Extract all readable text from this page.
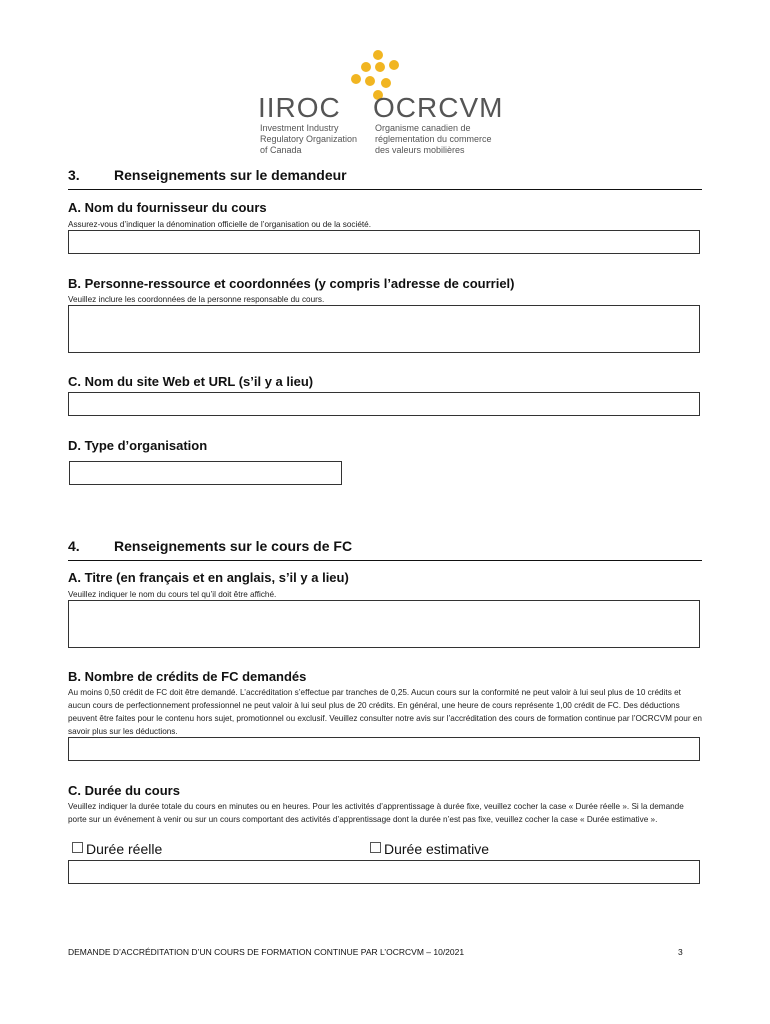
IIROC OCRCVM
Investment Industry
Regulatory Organization
of Canada
Organisme canadien de
réglementation du commerce
des valeurs mobilières
3. Renseignements sur le demandeur
A. Nom du fournisseur du cours
Assurez-vous d’indiquer la dénomination officielle de l’organisation ou de la société.
B. Personne-ressource et coordonnées (y compris l’adresse de courriel)
Veuillez inclure les coordonnées de la personne responsable du cours.
C. Nom du site Web et URL (s’il y a lieu)
D. Type d’organisation
4. Renseignements sur le cours de FC
A. Titre (en français et en anglais, s’il y a lieu)
Veuillez indiquer le nom du cours tel qu’il doit être affiché.
B. Nombre de crédits de FC demandés
Au moins 0,50 crédit de FC doit être demandé. L’accréditation s’effectue par tranches de 0,25. Aucun cours sur la conformité ne peut valoir à lui seul plus de 10 crédits et aucun cours de perfectionnement professionnel ne peut valoir à lui seul plus de 20 crédits. En général, une heure de cours représente 1,00 crédit de FC. Des déductions peuvent être faites pour le contenu hors sujet, promotionnel ou exclusif. Veuillez consulter notre avis sur l’accréditation des cours de formation continue par l’OCRCVM pour en savoir plus sur les déductions.
C. Durée du cours
Veuillez indiquer la durée totale du cours en minutes ou en heures. Pour les activités d’apprentissage à durée fixe, veuillez cocher la case « Durée réelle ». Si la demande porte sur un événement à venir ou sur un cours comportant des activités d’apprentissage dont la durée n’est pas fixe, veuillez cocher la case « Durée estimative ».
Durée réelle	Durée estimative
DEMANDE D’ACCRÉDITATION D’UN COURS DE FORMATION CONTINUE PAR L’OCRCVM – 10/2021	3
